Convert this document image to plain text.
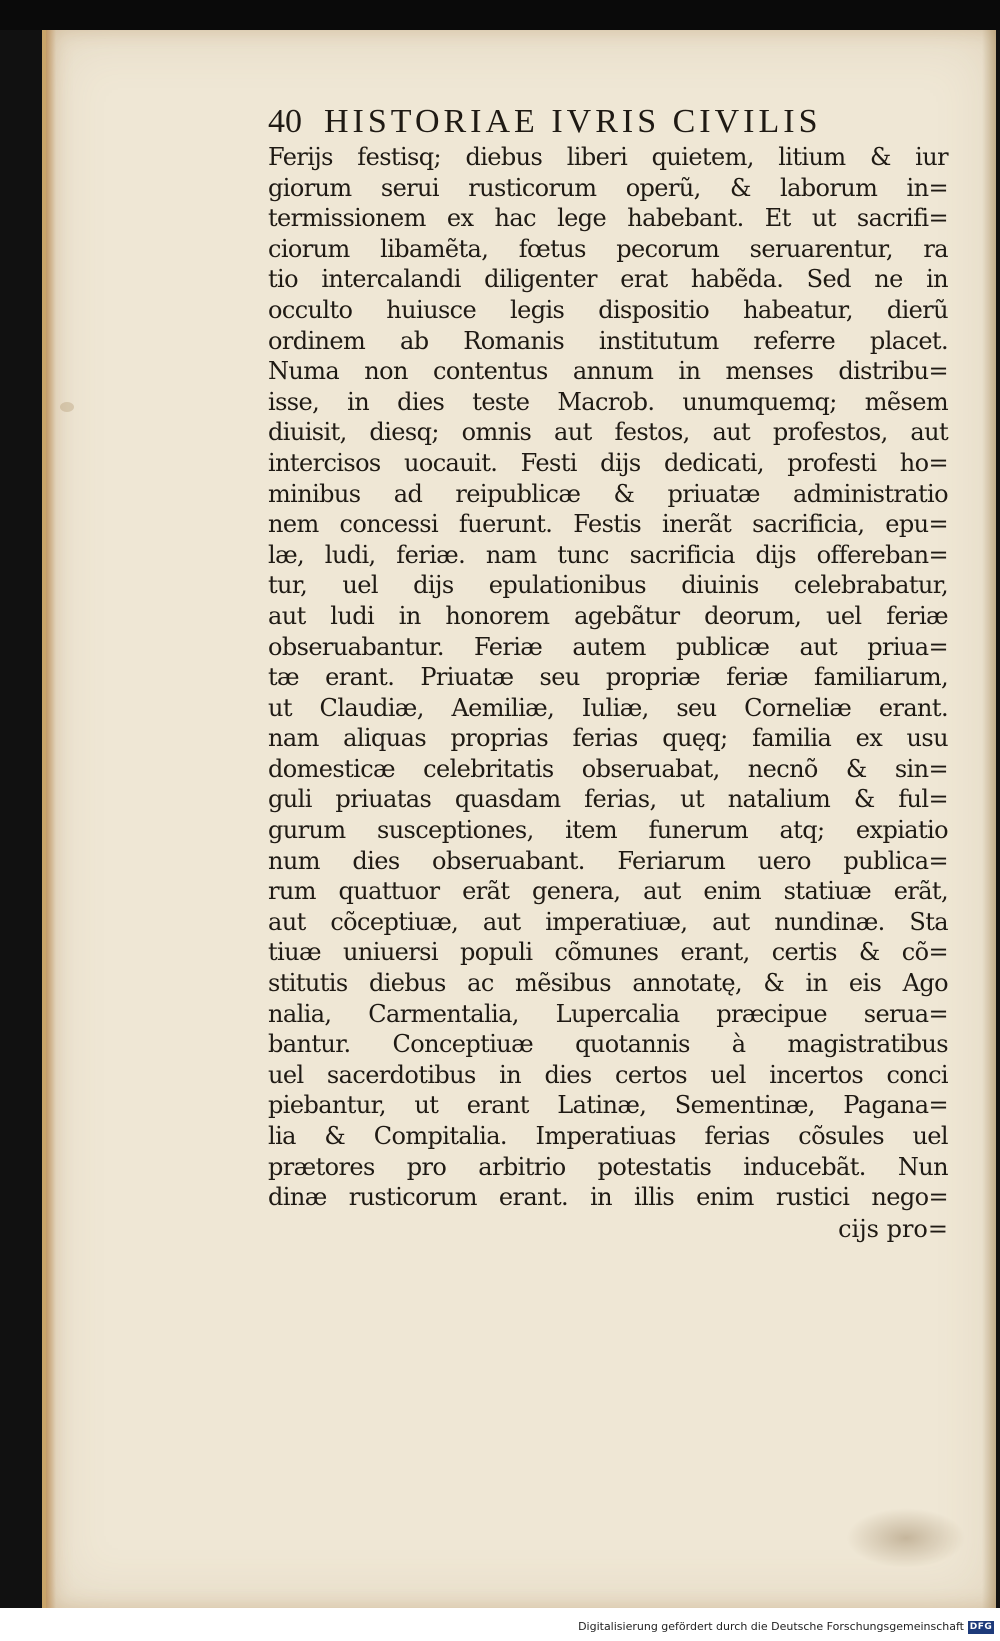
40 HISTORIAE IVRIS CIVILIS
Ferijs festisq; diebus liberi quietem, litium & iur
giorum serui rusticorum operũ, & laborum in=
termissionem ex hac lege habebant. Et ut sacrifi=
ciorum libamẽta, fœtus pecorum seruarentur, ra
tio intercalandi diligenter erat habẽda. Sed ne in
occulto huiusce legis dispositio habeatur, dierũ
ordinem ab Romanis institutum referre placet.
Numa non contentus annum in menses distribu=
isse, in dies teste Macrob. unumquemq; mẽsem
diuisit, diesq; omnis aut festos, aut profestos, aut
intercisos uocauit. Festi dijs dedicati, profesti ho=
minibus ad reipublicæ & priuatæ administratio
nem concessi fuerunt. Festis inerãt sacrificia, epu=
læ, ludi, feriæ. nam tunc sacrificia dijs offereban=
tur, uel dijs epulationibus diuinis celebrabatur,
aut ludi in honorem agebãtur deorum, uel feriæ
obseruabantur. Feriæ autem publicæ aut priua=
tæ erant. Priuatæ seu propriæ feriæ familiarum,
ut Claudiæ, Aemiliæ, Iuliæ, seu Corneliæ erant.
nam aliquas proprias ferias quęq; familia ex usu
domesticæ celebritatis obseruabat, necnõ & sin=
guli priuatas quasdam ferias, ut natalium & ful=
gurum susceptiones, item funerum atq; expiatio
num dies obseruabant. Feriarum uero publica=
rum quattuor erãt genera, aut enim statiuæ erãt,
aut cõceptiuæ, aut imperatiuæ, aut nundinæ. Sta
tiuæ uniuersi populi cõmunes erant, certis & cõ=
stitutis diebus ac mẽsibus annotatę, & in eis Ago
nalia, Carmentalia, Lupercalia præcipue serua=
bantur. Conceptiuæ quotannis à magistratibus
uel sacerdotibus in dies certos uel incertos conci
piebantur, ut erant Latinæ, Sementinæ, Pagana=
lia & Compitalia. Imperatiuas ferias cõsules uel
prætores pro arbitrio potestatis inducebãt. Nun
dinæ rusticorum erant. in illis enim rustici nego=
cijs pro=
Digitalisierung gefördert durch die Deutsche Forschungsgemeinschaft DFG
